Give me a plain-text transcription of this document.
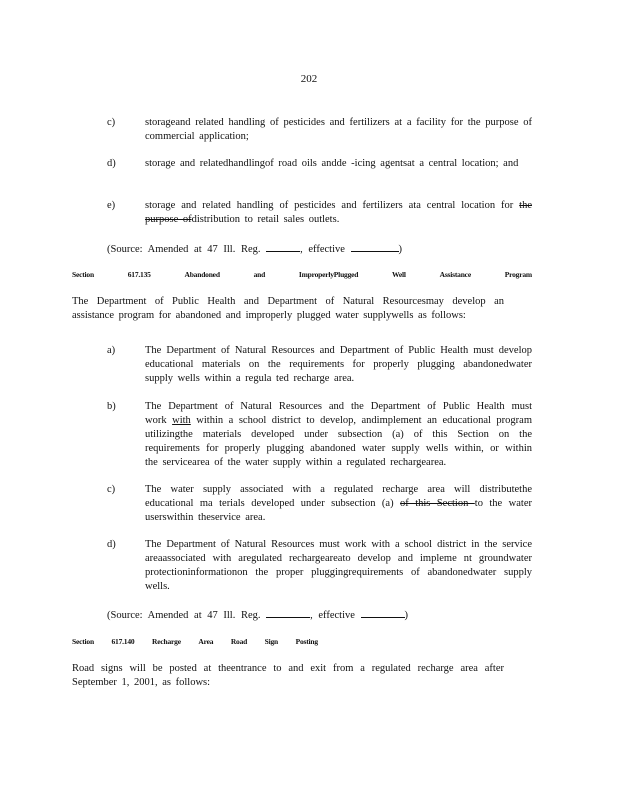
202
c)	storageand related handling of pesticides and fertilizers at a facility for the purpose of commercial application;
d)	storage and relatedhandlingof road oils andde -icing agentsat a central location; and
e)	storage and related handling of pesticides and fertilizers ata central location for the purpose ofdistribution to retail sales outlets.
(Source: Amended at 47 Ill. Reg.	, effective	)
Section	617.135	Abandoned	and	ImproperlyPlugged	Well	Assistance	Program
The Department of Public Health and Department of Natural Resourcesmay develop an assistance program for abandoned and improperly plugged water supplywells as follows:
a)	The Department of Natural Resources and Department of Public Health must develop educational materials on the requirements for properly plugging abandonedwater supply wells within a regula ted recharge area.
b)	The Department of Natural Resources and the Department of Public Health must work with within a school district to develop, andimplement an educational program utilizingthe materials developed under subsection (a) of this Section on the requirements for properly plugging abandoned water supply wells within, or within the servicearea of the water supply within a regulated rechargearea.
c)	The water supply associated with a regulated recharge area will distributethe educational ma terials developed under subsection (a) of this Section to the water userswithin theservice area.
d)	The Department of Natural Resources must work with a school district in the service areaassociated with aregulated rechargeareato develop and impleme nt groundwater protectioninformationon the proper pluggingrequirements of abandonedwater supply wells.
(Source: Amended at 47 Ill. Reg.	, effective	)
Section 617.140 Recharge Area Road Sign Posting
Road signs will be posted at theentrance to and exit from a regulated recharge area after September 1, 2001, as follows:
